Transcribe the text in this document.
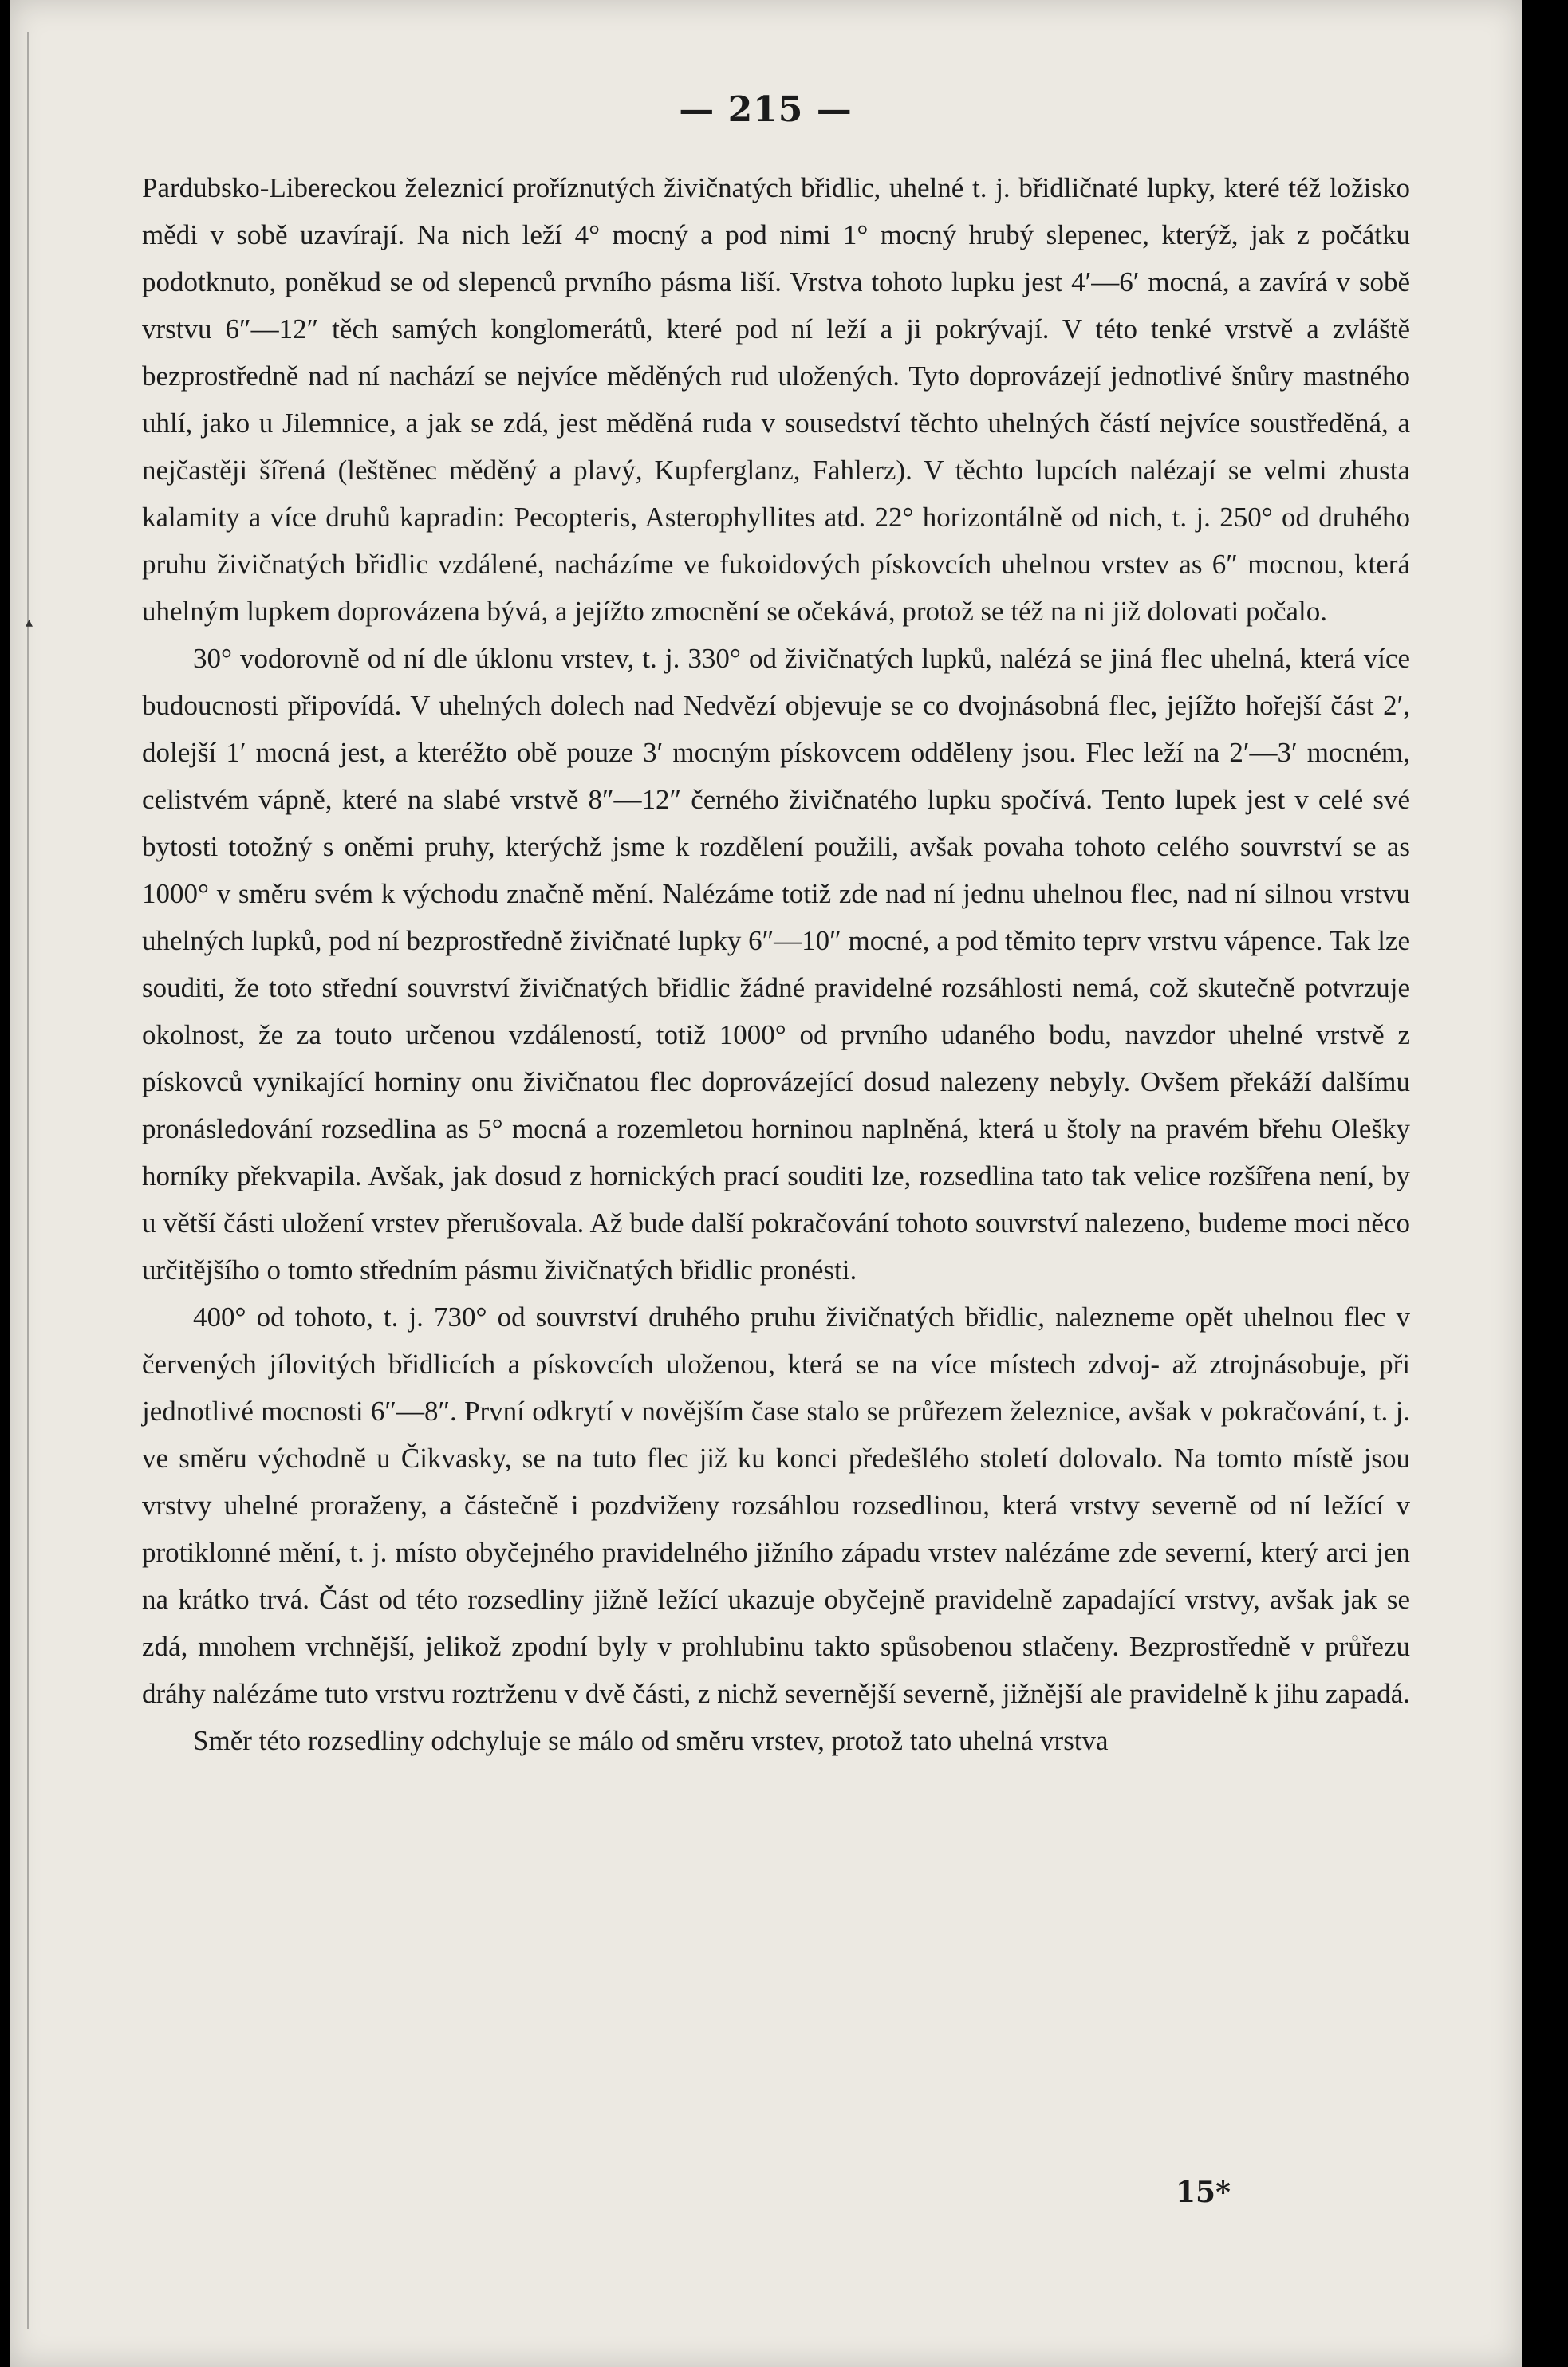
▴
— 215 —

Pardubsko-Libereckou železnicí proříznutých živičnatých břidlic, uhelné t. j. břidličnaté lupky, které též ložisko mědi v sobě uzavírají. Na nich leží 4° mocný a pod nimi 1° mocný hrubý slepenec, kterýž, jak z počátku podotknuto, poněkud se od slepenců prvního pásma liší. Vrstva tohoto lupku jest 4′—6′ mocná, a zavírá v sobě vrstvu 6″—12″ těch samých konglomerátů, které pod ní leží a ji pokrývají. V této tenké vrstvě a zvláště bezprostředně nad ní nachází se nejvíce měděných rud uložených. Tyto doprovázejí jednotlivé šnůry mastného uhlí, jako u Jilemnice, a jak se zdá, jest měděná ruda v sousedství těchto uhelných částí nejvíce soustředěná, a nejčastěji šířená (leštěnec měděný a plavý, Kupferglanz, Fahlerz). V těchto lupcích nalézají se velmi zhusta kalamity a více druhů kapradin: Pecopteris, Asterophyllites atd. 22° horizontálně od nich, t. j. 250° od druhého pruhu živičnatých břidlic vzdálené, nacházíme ve fukoidových pískovcích uhelnou vrstev as 6″ mocnou, která uhelným lupkem doprovázena bývá, a jejížto zmocnění se očekává, protož se též na ni již dolovati počalo.

30° vodorovně od ní dle úklonu vrstev, t. j. 330° od živičnatých lupků, nalézá se jiná flec uhelná, která více budoucnosti připovídá. V uhelných dolech nad Nedvězí objevuje se co dvojnásobná flec, jejížto hořejší část 2′, dolejší 1′ mocná jest, a kteréžto obě pouze 3′ mocným pískovcem odděleny jsou. Flec leží na 2′—3′ mocném, celistvém vápně, které na slabé vrstvě 8″—12″ černého živičnatého lupku spočívá. Tento lupek jest v celé své bytosti totožný s oněmi pruhy, kterýchž jsme k rozdělení použili, avšak povaha tohoto celého souvrství se as 1000° v směru svém k východu značně mění. Nalézáme totiž zde nad ní jednu uhelnou flec, nad ní silnou vrstvu uhelných lupků, pod ní bezprostředně živičnaté lupky 6″—10″ mocné, a pod těmito teprv vrstvu vápence. Tak lze souditi, že toto střední souvrství živičnatých břidlic žádné pravidelné rozsáhlosti nemá, což skutečně potvrzuje okolnost, že za touto určenou vzdáleností, totiž 1000° od prvního udaného bodu, navzdor uhelné vrstvě z pískovců vynikající horniny onu živičnatou flec doprovázející dosud nalezeny nebyly. Ovšem překáží dalšímu pronásledování rozsedlina as 5° mocná a rozemletou horninou naplněná, která u štoly na pravém břehu Olešky horníky překvapila. Avšak, jak dosud z hornických prací souditi lze, rozsedlina tato tak velice rozšířena není, by u větší části uložení vrstev přerušovala. Až bude další pokračování tohoto souvrství nalezeno, budeme moci něco určitějšího o tomto středním pásmu živičnatých břidlic pronésti.

400° od tohoto, t. j. 730° od souvrství druhého pruhu živičnatých břidlic, nalezneme opět uhelnou flec v červených jílovitých břidlicích a pískovcích uloženou, která se na více místech zdvoj- až ztrojnásobuje, při jednotlivé mocnosti 6″—8″. První odkrytí v novějším čase stalo se průřezem železnice, avšak v pokračování, t. j. ve směru východně u Čikvasky, se na tuto flec již ku konci předešlého století dolovalo. Na tomto místě jsou vrstvy uhelné proraženy, a částečně i pozdviženy rozsáhlou rozsedlinou, která vrstvy severně od ní ležící v protiklonné mění, t. j. místo obyčejného pravidelného jižního západu vrstev nalézáme zde severní, který arci jen na krátko trvá. Část od této rozsedliny jižně ležící ukazuje obyčejně pravidelně zapadající vrstvy, avšak jak se zdá, mnohem vrchnější, jelikož zpodní byly v prohlubinu takto spůsobenou stlačeny. Bezprostředně v průřezu dráhy nalézáme tuto vrstvu roztrženu v dvě části, z nichž severnější severně, jižnější ale pravidelně k jihu zapadá.

Směr této rozsedliny odchyluje se málo od směru vrstev, protož tato uhelná vrstva

15*
